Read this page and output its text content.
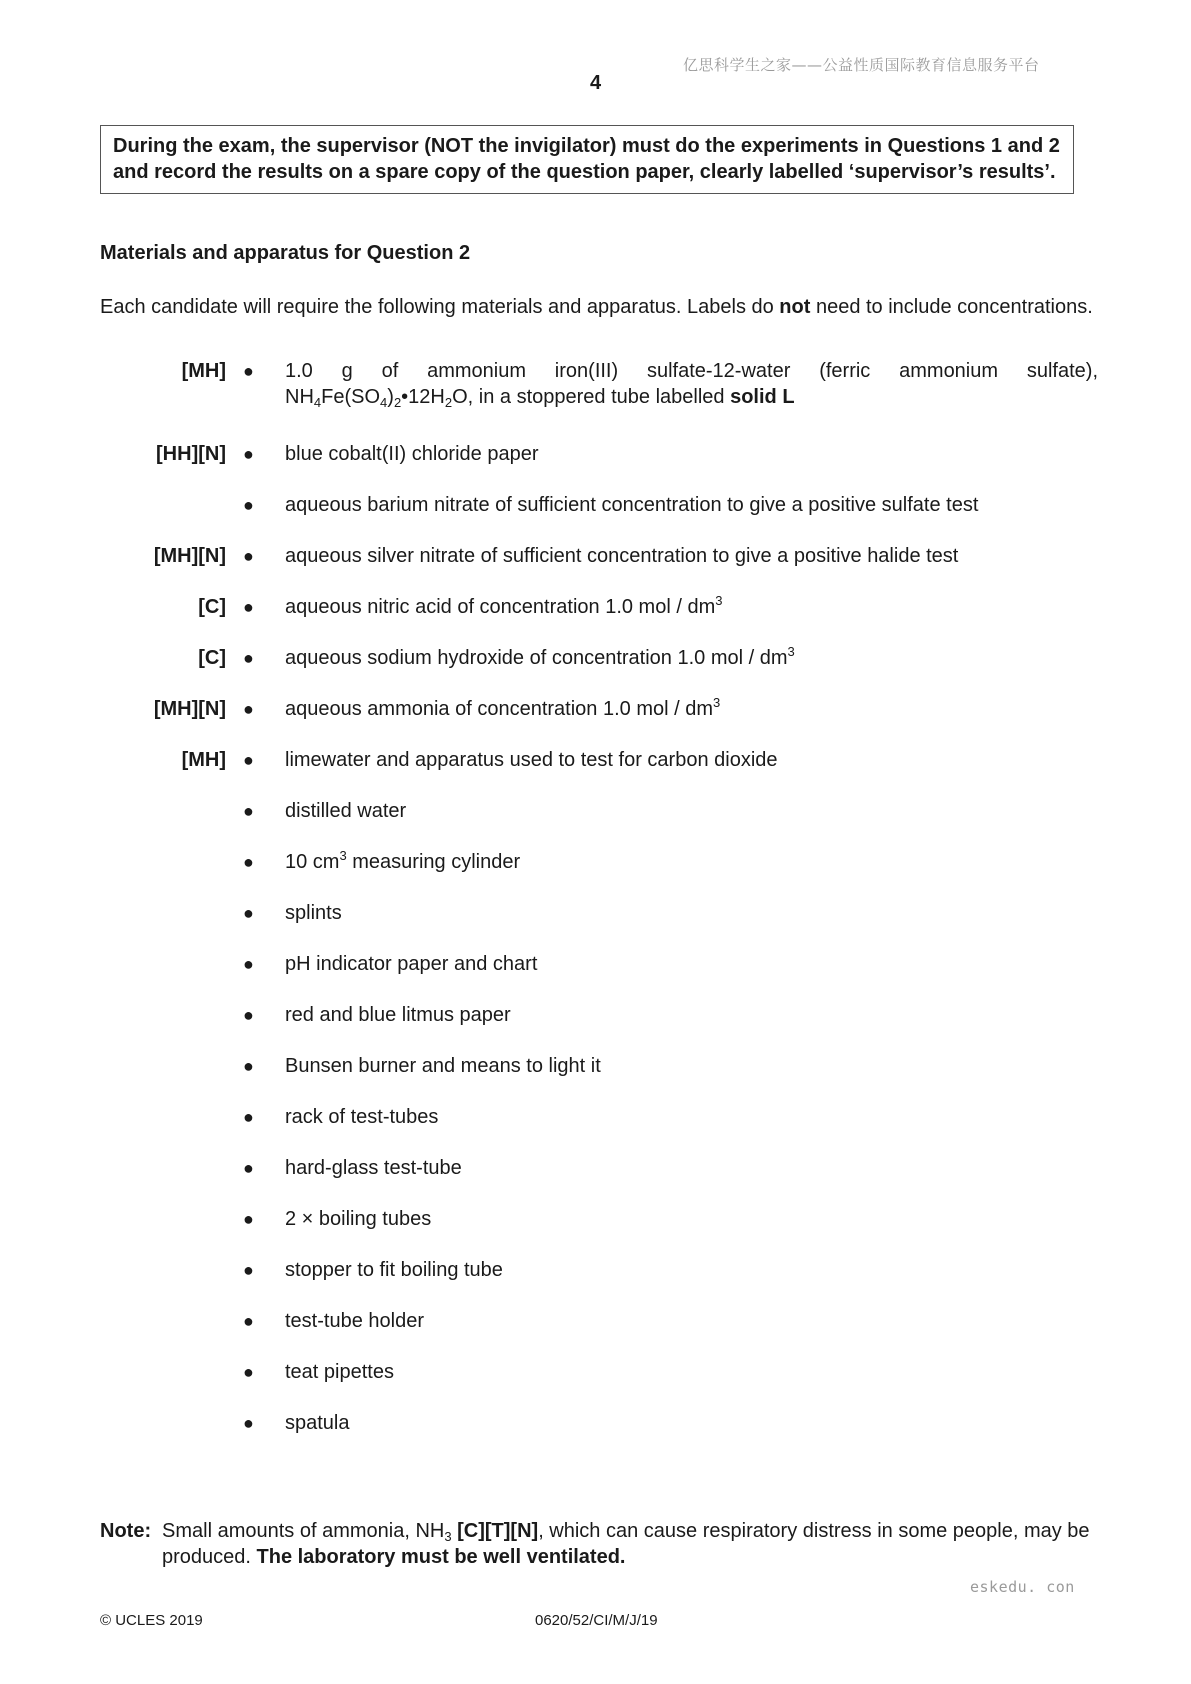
亿思科学生之家——公益性质国际教育信息服务平台
4
During the exam, the supervisor (NOT the invigilator) must do the experiments in Questions 1 and 2 and record the results on a spare copy of the question paper, clearly labelled ‘supervisor’s results’.
Materials and apparatus for Question 2
Each candidate will require the following materials and apparatus. Labels do not need to include concentrations.
[MH] ● 1.0 g of ammonium iron(III) sulfate-12-water (ferric ammonium sulfate),
$NH_4Fe(SO_4)_2•12H_2O$, in a stoppered tube labelled solid L
[HH][N] ● blue cobalt(II) chloride paper
● aqueous barium nitrate of sufficient concentration to give a positive sulfate test
[MH][N] ● aqueous silver nitrate of sufficient concentration to give a positive halide test
[C] ● aqueous nitric acid of concentration 1.0 mol / $dm^3$
[C] ● aqueous sodium hydroxide of concentration 1.0 mol / $dm^3$
[MH][N] ● aqueous ammonia of concentration 1.0 mol / $dm^3$
[MH] ● limewater and apparatus used to test for carbon dioxide
● distilled water
● 10 $cm^3$ measuring cylinder
● splints
● pH indicator paper and chart
● red and blue litmus paper
● Bunsen burner and means to light it
● rack of test-tubes
● hard-glass test-tube
● 2 × boiling tubes
● stopper to fit boiling tube
● test-tube holder
● teat pipettes
● spatula
Note: Small amounts of ammonia, $NH_3$ [C][T][N], which can cause respiratory distress in some people, may be produced. The laboratory must be well ventilated.
eskedu. con
© UCLES 2019	0620/52/CI/M/J/19
